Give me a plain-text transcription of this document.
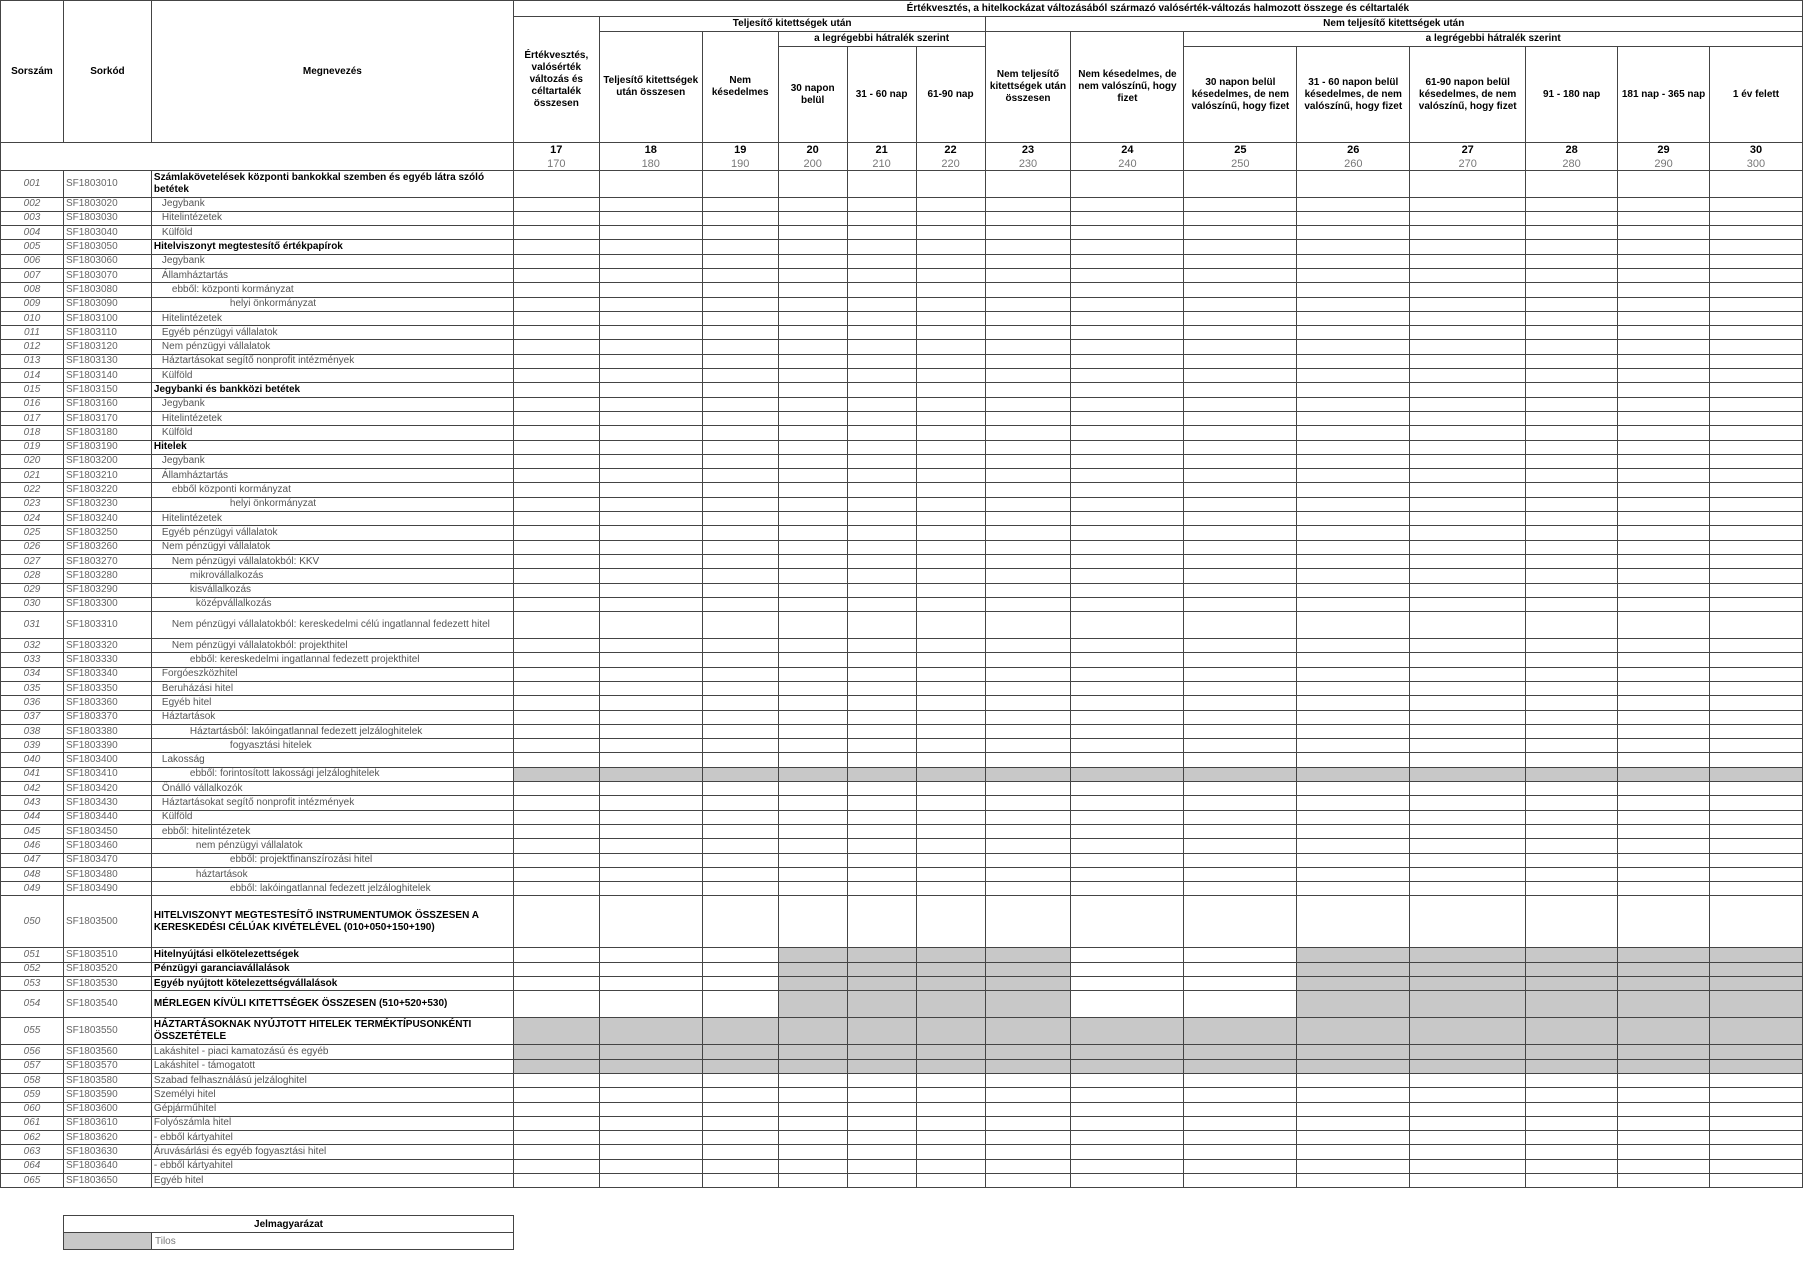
Sorszám	Sorkód	Megnevezés	Értékvesztés, a hitelkockázat változásából származó valósérték-változás halmozott összege és céltartalék													
			Értékvesztés, valósérték változás és céltartalék összesen	Teljesítő kitettségek után					Nem teljesítő kitettségek után							
				Teljesítő kitettségek után összesen	Nem késedelmes	a legrégebbi hátralék szerint			Nem teljesítő kitettségek után összesen	Nem késedelmes, de nem valószínű, hogy fizet	a legrégebbi hátralék szerint					
						30 napon belül	31 - 60 nap	61-90 nap			30 napon belül késedelmes, de nem valószínű, hogy fizet	31 - 60 napon belül késedelmes, de nem valószínű, hogy fizet	61-90 napon belül késedelmes, de nem valószínű, hogy fizet	91 - 180 nap	181 nap - 365 nap	1 év felett
			17	18	19	20	21	22	23	24	25	26	27	28	29	30
			170	180	190	200	210	220	230	240	250	260	270	280	290	300
001	SF1803010	Számlakövetelések központi bankokkal szemben és egyéb látra szóló betétek														
002	SF1803020	Jegybank														
003	SF1803030	Hitelintézetek														
004	SF1803040	Külföld														
005	SF1803050	Hitelviszonyt megtestesítő értékpapírok														
006	SF1803060	Jegybank														
007	SF1803070	Államháztartás														
008	SF1803080	ebből: központi kormányzat														
009	SF1803090	helyi önkormányzat														
010	SF1803100	Hitelintézetek														
011	SF1803110	Egyéb pénzügyi vállalatok														
012	SF1803120	Nem pénzügyi vállalatok														
013	SF1803130	Háztartásokat segítő nonprofit intézmények														
014	SF1803140	Külföld														
015	SF1803150	Jegybanki és bankközi betétek														
016	SF1803160	Jegybank														
017	SF1803170	Hitelintézetek														
018	SF1803180	Külföld														
019	SF1803190	Hitelek														
020	SF1803200	Jegybank														
021	SF1803210	Államháztartás														
022	SF1803220	ebből központi kormányzat														
023	SF1803230	helyi önkormányzat														
024	SF1803240	Hitelintézetek														
025	SF1803250	Egyéb pénzügyi vállalatok														
026	SF1803260	Nem pénzügyi vállalatok														
027	SF1803270	Nem pénzügyi vállalatokból: KKV														
028	SF1803280	mikrovállalkozás														
029	SF1803290	kisvállalkozás														
030	SF1803300	középvállalkozás														
031	SF1803310	Nem pénzügyi vállalatokból: kereskedelmi célú ingatlannal fedezett hitel														
032	SF1803320	Nem pénzügyi vállalatokból: projekthitel														
033	SF1803330	ebből: kereskedelmi ingatlannal fedezett projekthitel														
034	SF1803340	Forgóeszközhitel														
035	SF1803350	Beruházási hitel														
036	SF1803360	Egyéb hitel														
037	SF1803370	Háztartások														
038	SF1803380	Háztartásból: lakóingatlannal fedezett jelzáloghitelek														
039	SF1803390	fogyasztási hitelek														
040	SF1803400	Lakosság														
041	SF1803410	ebből: forintosított lakossági jelzáloghitelek														
042	SF1803420	Önálló vállalkozók														
043	SF1803430	Háztartásokat segítő nonprofit intézmények														
044	SF1803440	Külföld														
045	SF1803450	ebből: hitelintézetek														
046	SF1803460	nem pénzügyi vállalatok														
047	SF1803470	ebből: projektfinanszírozási hitel														
048	SF1803480	háztartások														
049	SF1803490	ebből: lakóingatlannal fedezett jelzáloghitelek														
050	SF1803500	HITELVISZONYT MEGTESTESÍTŐ INSTRUMENTUMOK ÖSSZESEN A KERESKEDÉSI CÉLÚAK KIVÉTELÉVEL (010+050+150+190)														
051	SF1803510	Hitelnyújtási elkötelezettségek														
052	SF1803520	Pénzügyi garanciavállalások														
053	SF1803530	Egyéb nyújtott kötelezettségvállalások														
054	SF1803540	MÉRLEGEN KÍVÜLI KITETTSÉGEK ÖSSZESEN (510+520+530)														
055	SF1803550	HÁZTARTÁSOKNAK NYÚJTOTT HITELEK TERMÉKTÍPUSONKÉNTI ÖSSZETÉTELE														
056	SF1803560	Lakáshitel - piaci kamatozású és egyéb														
057	SF1803570	Lakáshitel - támogatott														
058	SF1803580	Szabad felhasználású jelzáloghitel														
059	SF1803590	Személyi hitel														
060	SF1803600	Gépjárműhitel														
061	SF1803610	Folyószámla hitel														
062	SF1803620	- ebből kártyahitel														
063	SF1803630	Áruvásárlási és egyéb fogyasztási hitel														
064	SF1803640	- ebből kártyahitel														
065	SF1803650	Egyéb hitel														
Jelmagyarázat
	Tilos
